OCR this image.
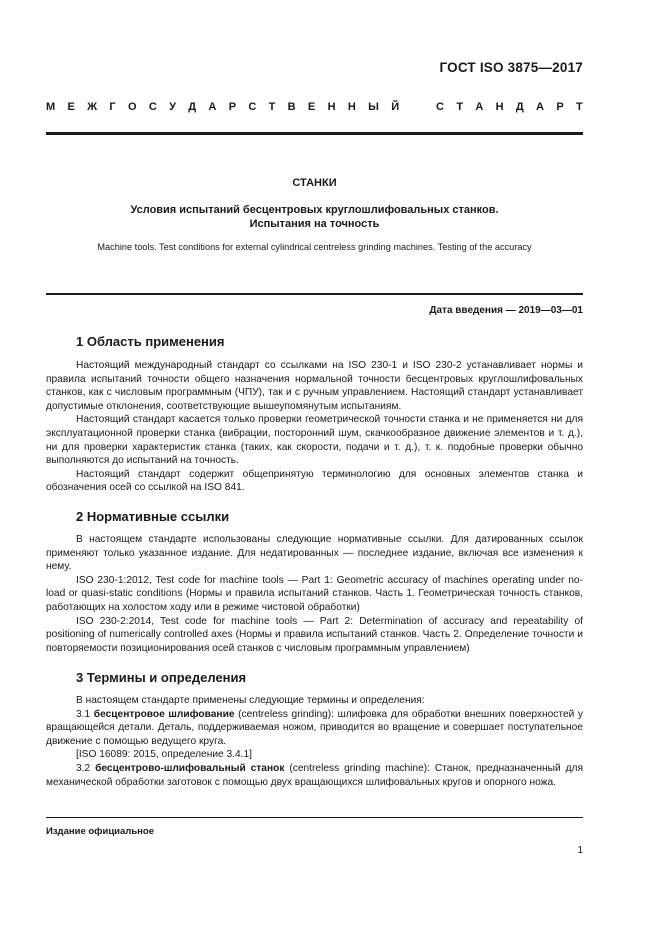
ГОСТ ISO 3875—2017
М Е Ж Г О С У Д А Р С Т В Е Н Н Ы Й	С Т А Н Д А Р Т
СТАНКИ
Условия испытаний бесцентровых круглошлифовальных станков.
Испытания на точность
Machine tools. Test conditions for external cylindrical centreless grinding machines. Testing of the accuracy
Дата введения — 2019—03—01
1 Область применения

Настоящий международный стандарт со ссылками на ISO 230-1 и ISO 230-2 устанавливает нормы и правила испытаний точности общего назначения нормальной точности бесцентровых круглошлифовальных станков, как с числовым программным (ЧПУ), так и с ручным управлением. Настоящий стандарт устанавливает допустимые отклонения, соответствующие вышеупомянутым испытаниям.

Настоящий стандарт касается только проверки геометрической точности станка и не применяется ни для эксплуатационной проверки станка (вибрации, посторонний шум, скачкообразное движение элементов и т. д.), ни для проверки характеристик станка (таких, как скорости, подачи и т. д.), т. к. подобные проверки обычно выполняются до испытаний на точность.

Настоящий стандарт содержит общепринятую терминологию для основных элементов станка и обозначения осей со ссылкой на ISO 841.

2 Нормативные ссылки

В настоящем стандарте использованы следующие нормативные ссылки. Для датированных ссылок применяют только указанное издание. Для недатированных — последнее издание, включая все изменения к нему.

ISO 230-1:2012, Test code for machine tools — Part 1: Geometric accuracy of machines operating under no-load or quasi-static conditions (Нормы и правила испытаний станков. Часть 1. Геометрическая точность станков, работающих на холостом ходу или в режиме чистовой обработки)

ISO 230-2:2014, Test code for machine tools — Part 2: Determination of accuracy and repeatability of positioning of numerically controlled axes (Нормы и правила испытаний станков. Часть 2. Определение точности и повторяемости позиционирования осей станков с числовым программным управлением)

3 Термины и определения

В настоящем стандарте применены следующие термины и определения:

3.1 бесцентровое шлифование (centreless grinding): шлифовка для обработки внешних поверхностей у вращающейся детали. Деталь, поддерживаемая ножом, приводится во вращение и совершает поступательное движение с помощью ведущего круга.

[ISO 16089: 2015, определение 3.4.1]

3.2 бесцентрово-шлифовальный станок (centreless grinding machine): Станок, предназначенный для механической обработки заготовок с помощью двух вращающихся шлифовальных кругов и опорного ножа.

Издание официальное
1
